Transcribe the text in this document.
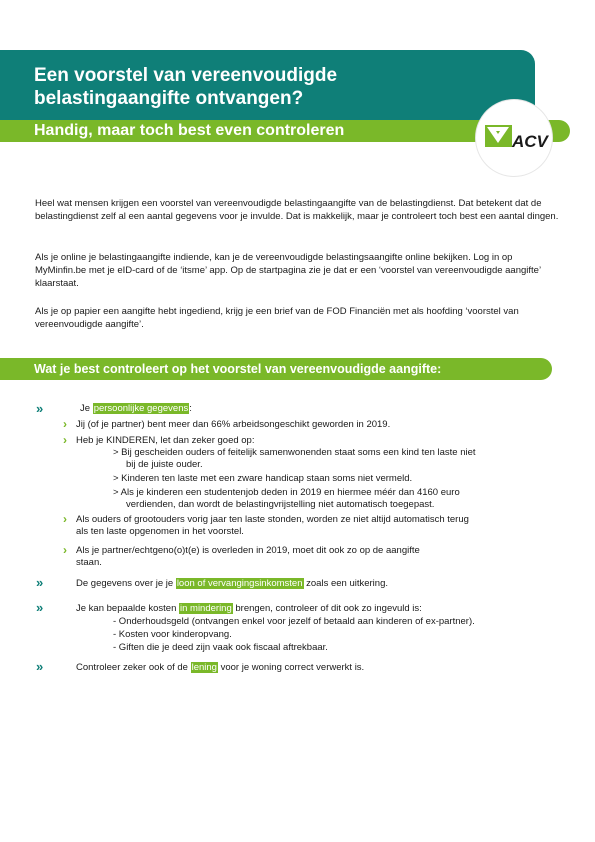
Een voorstel van vereenvoudigde
belastingaangifte ontvangen?
Handig, maar toch best even controleren
ACV

Heel wat mensen krijgen een voorstel van vereenvoudigde belastingaangifte van de belastingdienst. Dat betekent dat de belastingdienst zelf al een aantal gegevens voor je invulde. Dat is makkelijk, maar je controleert toch best een aantal dingen.

Als je online je belastingaangifte indiende, kan je de vereenvoudigde belastingsaangifte online bekijken. Log in op MyMinfin.be met je eID-card of de ‘itsme’ app. Op de startpagina zie je dat er een ‘voorstel van vereenvoudigde aangifte’ klaarstaat.

Als je op papier een aangifte hebt ingediend, krijg je een brief van de FOD Financiën met als hoofding ‘voorstel van vereenvoudigde aangifte’.

Wat je best controleert op het voorstel van vereenvoudigde aangifte:
»	Je persoonlijke gegevens:

› Jij (of je partner) bent meer dan 66% arbeidsongeschikt geworden in 2019.

› Heb je KINDEREN, let dan zeker goed op:

> Bij gescheiden ouders of feitelijk samenwonenden staat soms een kind ten laste niet

bij de juiste ouder.

> Kinderen ten laste met een zware handicap staan soms niet vermeld.

> Als je kinderen een studentenjob deden in 2019 en hiermee méér dan 4160 euro

verdienden, dan wordt de belastingvrijstelling niet automatisch toegepast.

› Als ouders of grootouders vorig jaar ten laste stonden, worden ze niet altijd automatisch terug

als ten laste opgenomen in het voorstel.

› Als je partner/echtgeno(o)t(e) is overleden in 2019, moet dit ook zo op de aangifte

staan.

»	De gegevens over je je loon of vervangingsinkomsten zoals een uitkering.

»	Je kan bepaalde kosten in mindering brengen, controleer of dit ook zo ingevuld is:

- Onderhoudsgeld (ontvangen enkel voor jezelf of betaald aan kinderen of ex-partner).

- Kosten voor kinderopvang.

- Giften die je deed zijn vaak ook fiscaal aftrekbaar.

»	Controleer zeker ook of de lening voor je woning correct verwerkt is.
